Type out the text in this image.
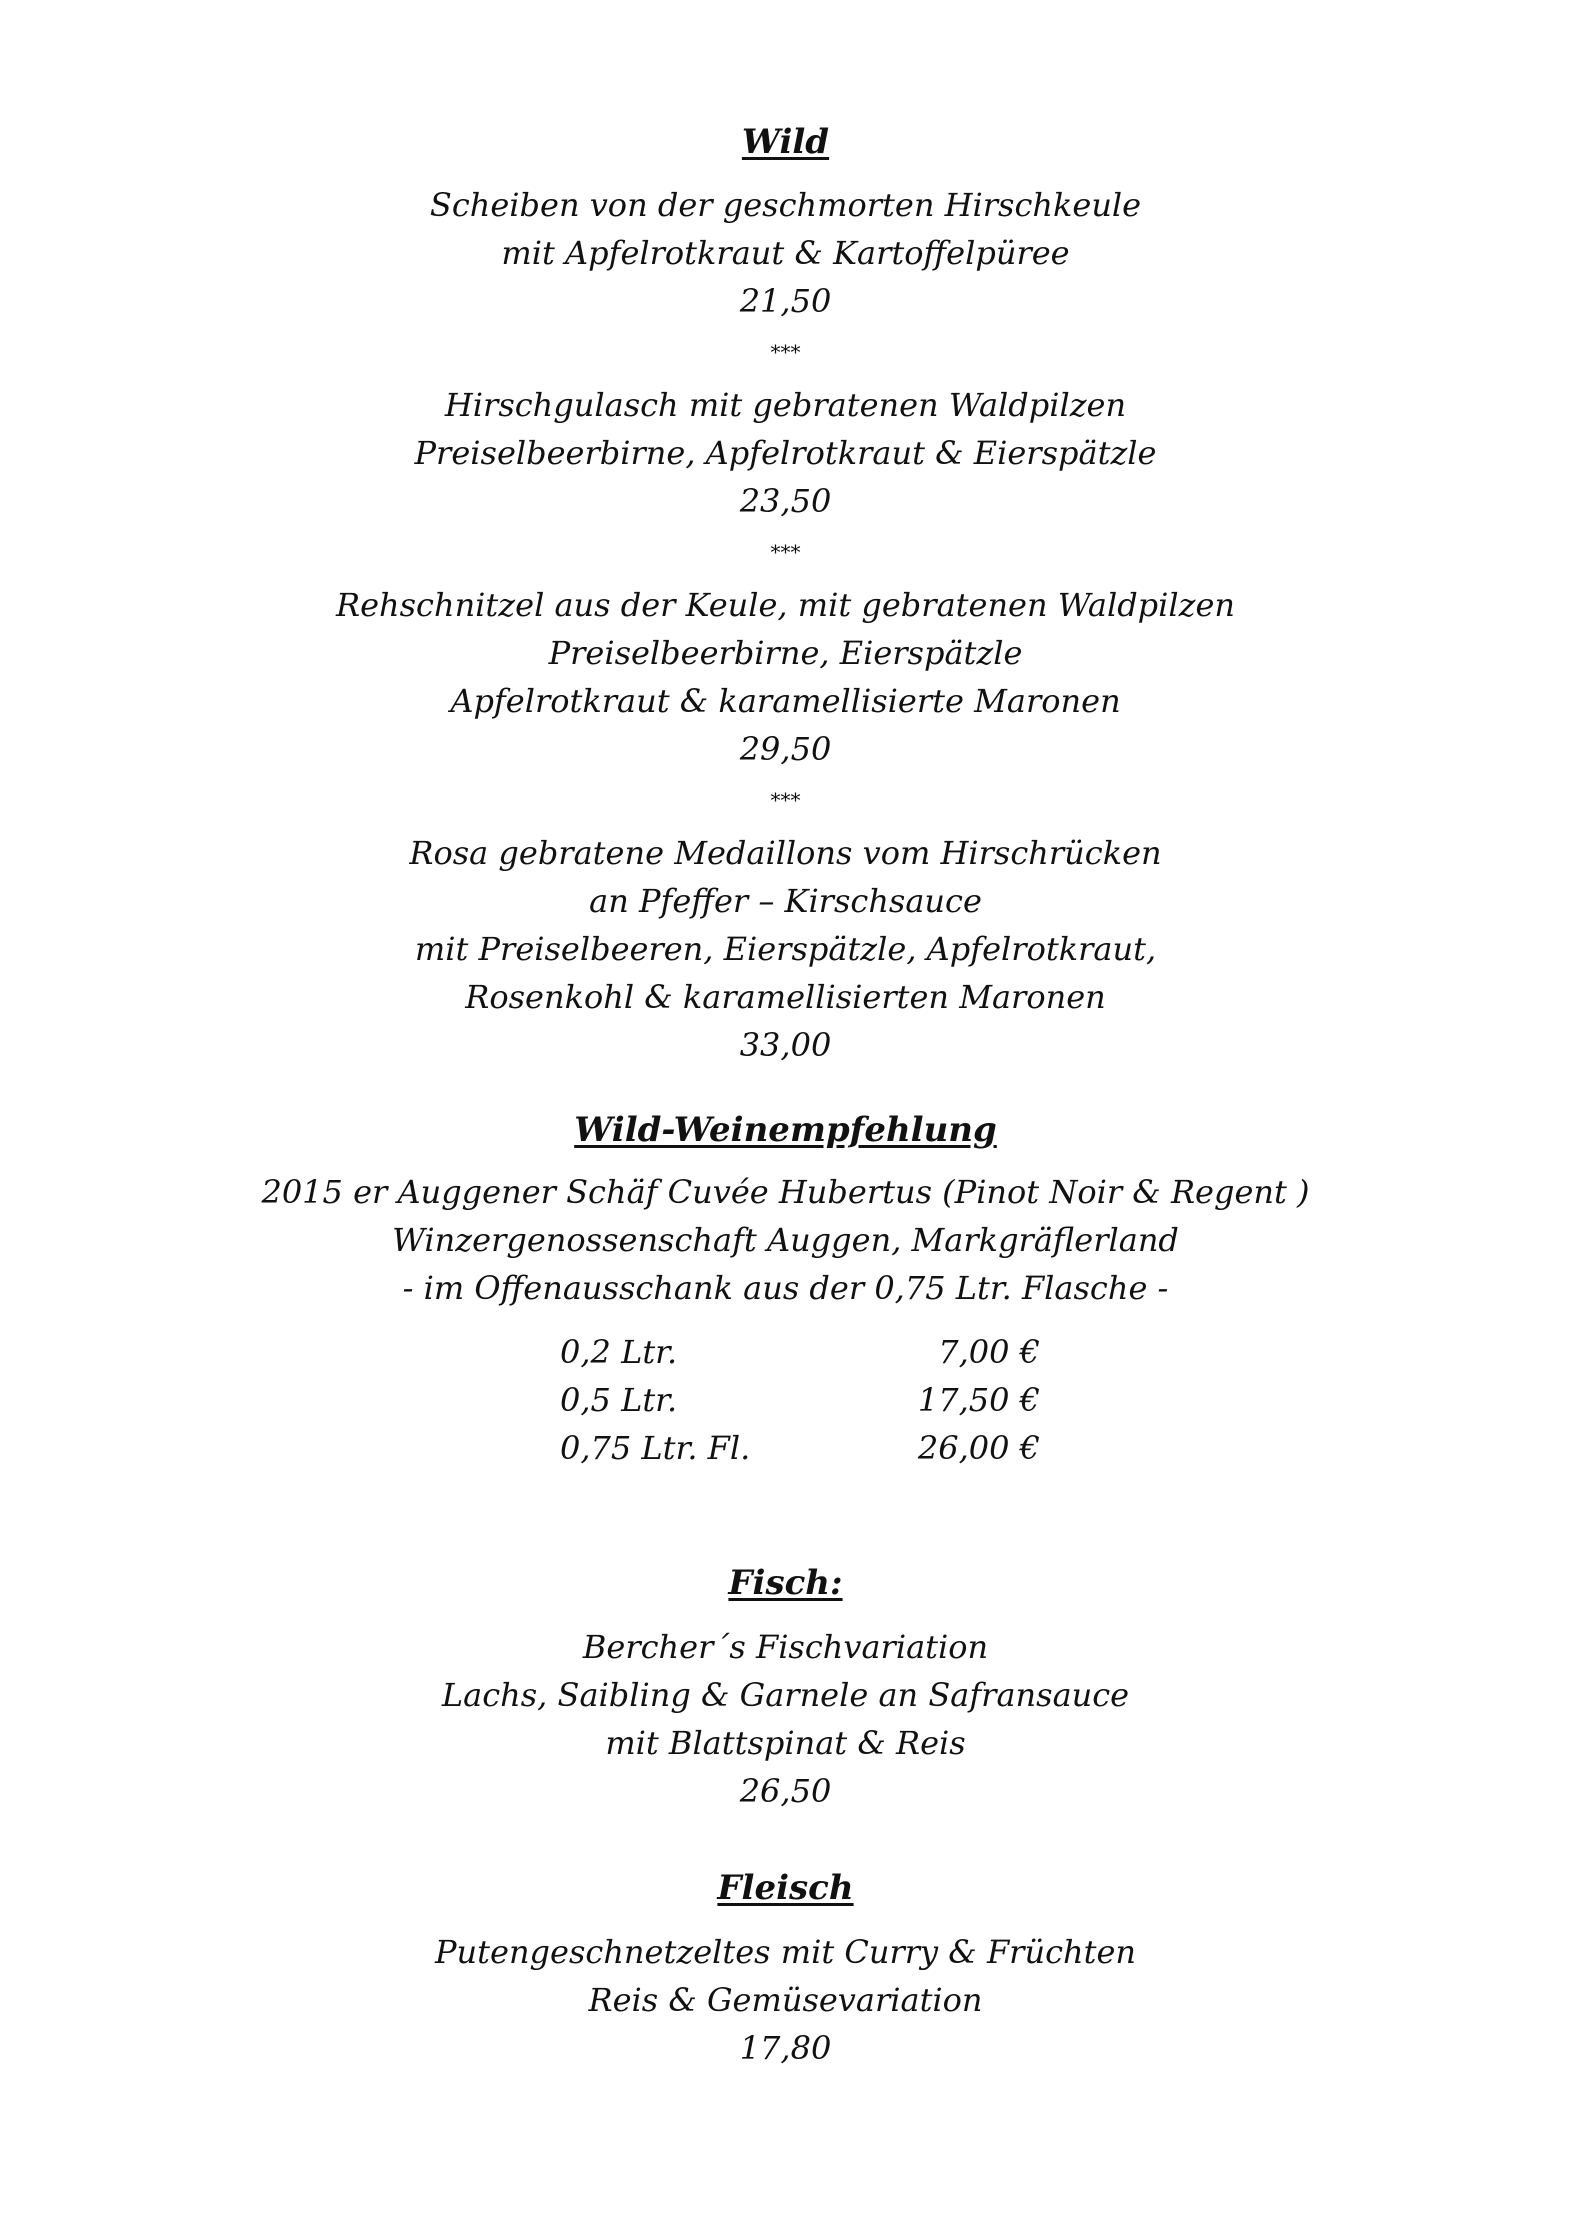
Wild
Scheiben von der geschmorten Hirschkeule
mit Apfelrotkraut & Kartoffelpüree
21,50
***
Hirschgulasch mit gebratenen Waldpilzen
Preiselbeerbirne, Apfelrotkraut & Eierspätzle
23,50
***
Rehschnitzel aus der Keule, mit gebratenen Waldpilzen
Preiselbeerbirne, Eierspätzle
Apfelrotkraut & karamellisierte Maronen
29,50
***
Rosa gebratene Medaillons vom Hirschrücken
an Pfeffer – Kirschsauce
mit Preiselbeeren, Eierspätzle, Apfelrotkraut,
Rosenkohl & karamellisierten Maronen
33,00
Wild-Weinempfehlung
2015 er Auggener Schäf Cuvée Hubertus (Pinot Noir & Regent )
Winzergenossenschaft Auggen, Markgräflerland
- im Offenausschank aus der 0,75 Ltr. Flasche -
0,2 Ltr.	7,00 €
0,5 Ltr.	17,50 €
0,75 Ltr. Fl.	26,00 €
Fisch:
Bercher´s Fischvariation
Lachs, Saibling & Garnele an Safransauce
mit Blattspinat & Reis
26,50
Fleisch
Putengeschnetzeltes mit Curry & Früchten
Reis & Gemüsevariation
17,80
